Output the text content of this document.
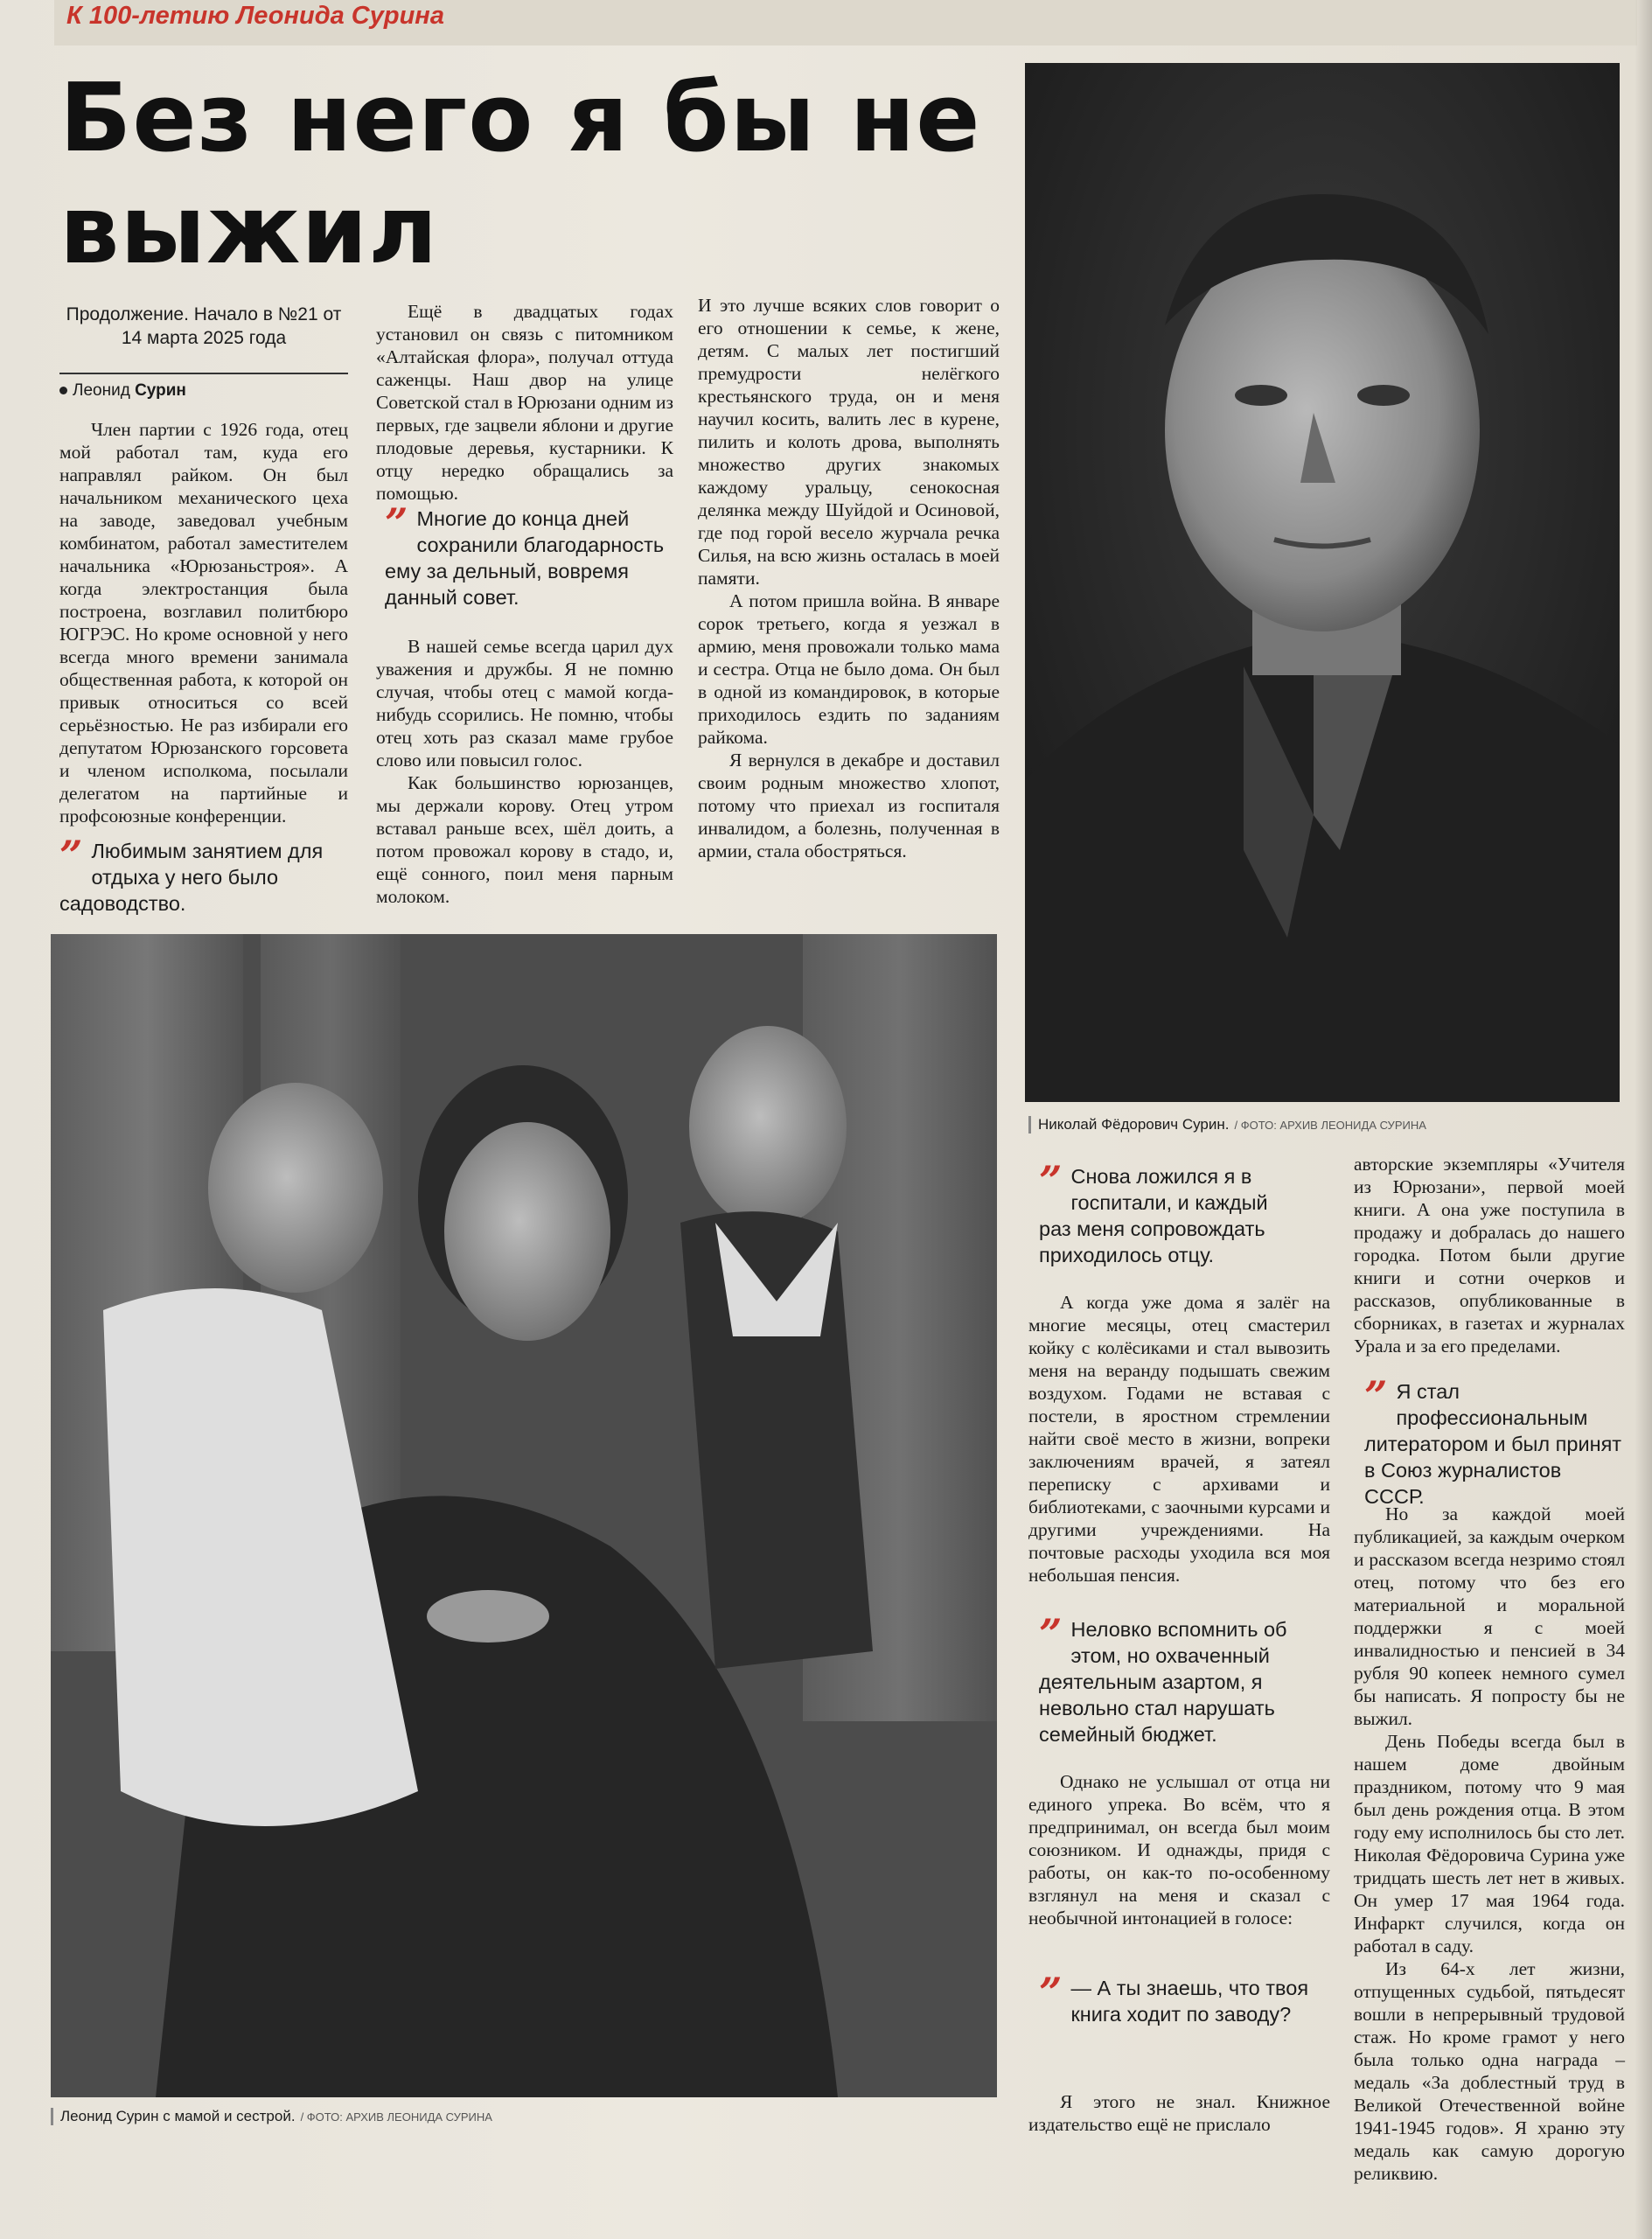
К 100-летию Леонида Сурина
Без него я бы не выжил
Продолжение. Начало в №21 от 14 марта 2025 года
Леонид Сурин

Член партии с 1926 года, отец мой работал там, куда его направлял райком. Он был начальником механического цеха на заводе, заведовал учебным комбинатом, работал заместителем начальника «Юрюзаньстроя». А когда электростанция была построена, возглавил политбюро ЮГРЭС. Но кроме основной у него всегда много времени занимала общественная работа, к которой он привык относиться со всей серьёзностью. Не раз избирали его депутатом Юрюзанского горсовета и членом исполкома, посылали делегатом на партийные и профсоюзные конференции.

” Любимым занятием для отдыха у него было садоводство.

Ещё в двадцатых годах установил он связь с питомником «Алтайская флора», получал оттуда саженцы. Наш двор на улице Советской стал в Юрюзани одним из первых, где зацвели яблони и другие плодовые деревья, кустарники. К отцу нередко обращались за помощью.

” Многие до конца дней сохранили благодарность ему за дельный, вовремя данный совет.

В нашей семье всегда царил дух уважения и дружбы. Я не помню случая, чтобы отец с мамой когда-нибудь ссорились. Не помню, чтобы отец хоть раз сказал маме грубое слово или повысил голос.

Как большинство юрюзанцев, мы держали корову. Отец утром вставал раньше всех, шёл доить, а потом провожал корову в стадо, и, ещё сонного, поил меня парным молоком.

И это лучше всяких слов говорит о его отношении к семье, к жене, детям. С малых лет постигший премудрости нелёгкого крестьянского труда, он и меня научил косить, валить лес в курене, пилить и колоть дрова, выполнять множество других знакомых каждому уральцу, сенокосная делянка между Шуйдой и Осиновой, где под горой весело журчала речка Силья, на всю жизнь осталась в моей памяти.

А потом пришла война. В январе сорок третьего, когда я уезжал в армию, меня провожали только мама и сестра. Отца не было дома. Он был в одной из командировок, в которые приходилось ездить по заданиям райкома.

Я вернулся в декабре и доставил своим родным множество хлопот, потому что приехал из госпиталя инвалидом, а болезнь, полученная в армии, стала обостряться.

Николай Фёдорович Сурин. / ФОТО: АРХИВ ЛЕОНИДА СУРИНА
Леонид Сурин с мамой и сестрой. / ФОТО: АРХИВ ЛЕОНИДА СУРИНА
” Снова ложился я в госпитали, и каждый раз меня сопровождать приходилось отцу.

А когда уже дома я залёг на многие месяцы, отец смастерил койку с колёсиками и стал вывозить меня на веранду подышать свежим воздухом. Годами не вставая с постели, в яростном стремлении найти своё место в жизни, вопреки заключениям врачей, я затеял переписку с архивами и библиотеками, с заочными курсами и другими учреждениями. На почтовые расходы уходила вся моя небольшая пенсия.

” Неловко вспомнить об этом, но охваченный деятельным азартом, я невольно стал нарушать семейный бюджет.

Однако не услышал от отца ни единого упрека. Во всём, что я предпринимал, он всегда был моим союзником. И однажды, придя с работы, он как-то по-особенному взглянул на меня и сказал с необычной интонацией в голосе:

” — А ты знаешь, что твоя книга ходит по заводу?

Я этого не знал. Книжное издательство ещё не прислало

авторские экземпляры «Учителя из Юрюзани», первой моей книги. А она уже поступила в продажу и добралась до нашего городка. Потом были другие книги и сотни очерков и рассказов, опубликованные в сборниках, в газетах и журналах Урала и за его пределами.

” Я стал профессиональным литератором и был принят в Союз журналистов СССР.

Но за каждой моей публикацией, за каждым очерком и рассказом всегда незримо стоял отец, потому что без его материальной и моральной поддержки я с моей инвалидностью и пенсией в 34 рубля 90 копеек немного сумел бы написать. Я попросту бы не выжил.

День Победы всегда был в нашем доме двойным праздником, потому что 9 мая был день рождения отца. В этом году ему исполнилось бы сто лет. Николая Фёдоровича Сурина уже тридцать шесть лет нет в живых. Он умер 17 мая 1964 года. Инфаркт случился, когда он работал в саду.

Из 64-х лет жизни, отпущенных судьбой, пятьдесят вошли в непрерывный трудовой стаж. Но кроме грамот у него была только одна награда – медаль «За доблестный труд в Великой Отечественной войне 1941-1945 годов». Я храню эту медаль как самую дорогую реликвию.
